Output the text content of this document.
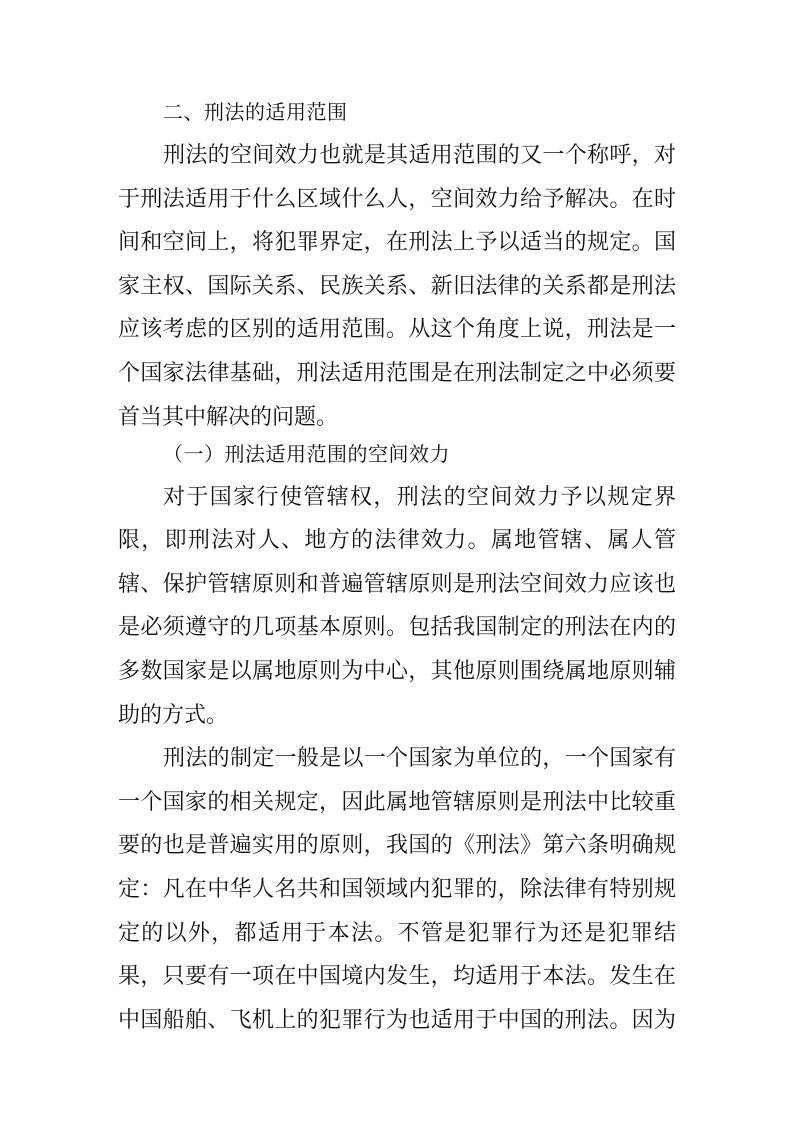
二、刑法的适用范围
刑法的空间效力也就是其适用范围的又一个称呼，对
于刑法适用于什么区域什么人，空间效力给予解决。在时
间和空间上，将犯罪界定，在刑法上予以适当的规定。国
家主权、国际关系、民族关系、新旧法律的关系都是刑法
应该考虑的区别的适用范围。从这个角度上说，刑法是一
个国家法律基础，刑法适用范围是在刑法制定之中必须要
首当其中解决的问题。
（一）刑法适用范围的空间效力
对于国家行使管辖权，刑法的空间效力予以规定界
限，即刑法对人、地方的法律效力。属地管辖、属人管
辖、保护管辖原则和普遍管辖原则是刑法空间效力应该也
是必须遵守的几项基本原则。包括我国制定的刑法在内的
多数国家是以属地原则为中心，其他原则围绕属地原则辅
助的方式。
刑法的制定一般是以一个国家为单位的，一个国家有
一个国家的相关规定，因此属地管辖原则是刑法中比较重
要的也是普遍实用的原则，我国的《刑法》第六条明确规
定：凡在中华人名共和国领域内犯罪的，除法律有特别规
定的以外，都适用于本法。不管是犯罪行为还是犯罪结
果，只要有一项在中国境内发生，均适用于本法。发生在
中国船舶、飞机上的犯罪行为也适用于中国的刑法。因为
